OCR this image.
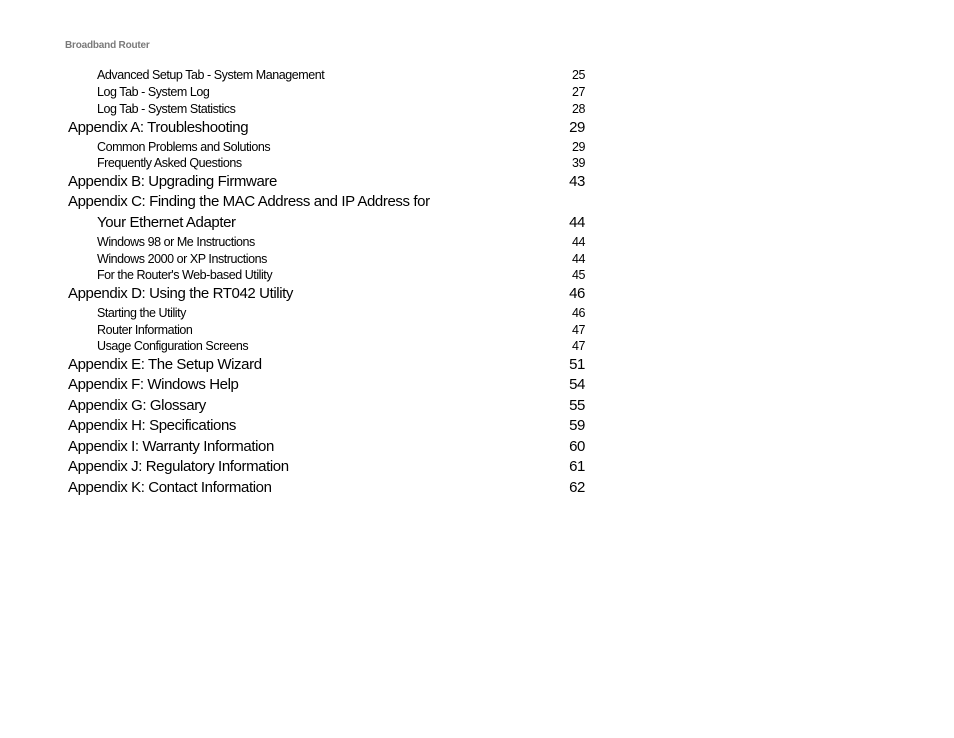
Broadband Router
Advanced Setup Tab - System Management	25
Log Tab - System Log	27
Log Tab - System Statistics	28
Appendix A: Troubleshooting	29
Common Problems and Solutions	29
Frequently Asked Questions	39
Appendix B: Upgrading Firmware	43
Appendix C: Finding the MAC Address and IP Address for
Your Ethernet Adapter	44
Windows 98 or Me Instructions	44
Windows 2000 or XP Instructions	44
For the Router's Web-based Utility	45
Appendix D: Using the RT042 Utility	46
Starting the Utility	46
Router Information	47
Usage Configuration Screens	47
Appendix E: The Setup Wizard	51
Appendix F: Windows Help	54
Appendix G: Glossary	55
Appendix H: Specifications	59
Appendix I: Warranty Information	60
Appendix J: Regulatory Information	61
Appendix K: Contact Information	62
